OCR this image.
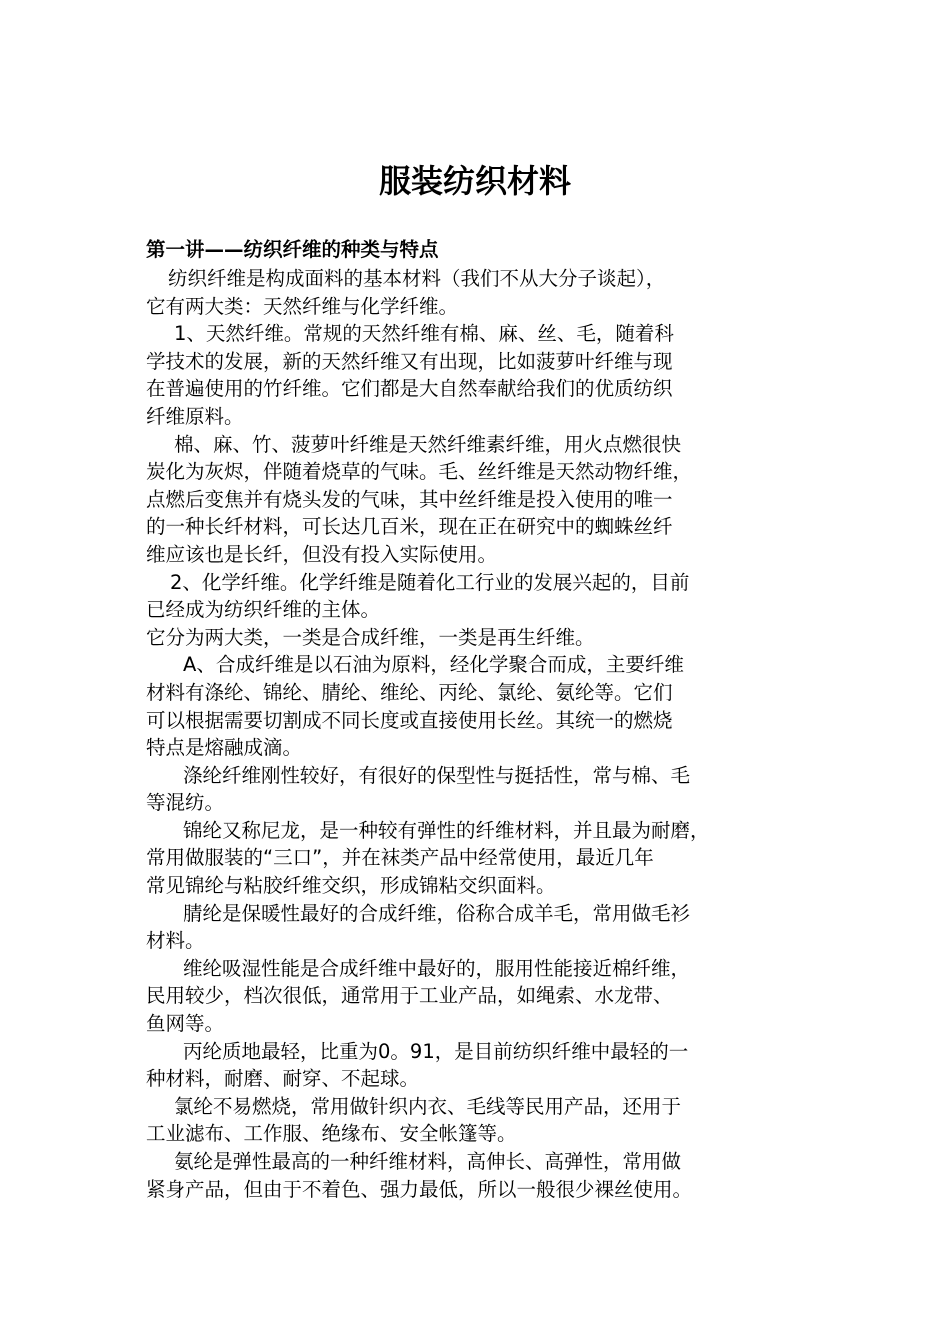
服装纺织材料
第一讲——纺织纤维的种类与特点
纺织纤维是构成面料的基本材料（我们不从大分子谈起），
它有两大类：天然纤维与化学纤维。
1、天然纤维。常规的天然纤维有棉、麻、丝、毛，随着科
学技术的发展，新的天然纤维又有出现，比如菠萝叶纤维与现
在普遍使用的竹纤维。它们都是大自然奉献给我们的优质纺织
纤维原料。
棉、麻、竹、菠萝叶纤维是天然纤维素纤维，用火点燃很快
炭化为灰烬，伴随着烧草的气味。毛、丝纤维是天然动物纤维，
点燃后变焦并有烧头发的气味，其中丝纤维是投入使用的唯一
的一种长纤材料，可长达几百米，现在正在研究中的蜘蛛丝纤
维应该也是长纤，但没有投入实际使用。
2、化学纤维。化学纤维是随着化工行业的发展兴起的，目前
已经成为纺织纤维的主体。
它分为两大类，一类是合成纤维，一类是再生纤维。
A、合成纤维是以石油为原料，经化学聚合而成，主要纤维
材料有涤纶、锦纶、腈纶、维纶、丙纶、氯纶、氨纶等。它们
可以根据需要切割成不同长度或直接使用长丝。其统一的燃烧
特点是熔融成滴。
涤纶纤维刚性较好，有很好的保型性与挺括性，常与棉、毛
等混纺。
锦纶又称尼龙，是一种较有弹性的纤维材料，并且最为耐磨，
常用做服装的“三口”，并在袜类产品中经常使用，最近几年
常见锦纶与粘胶纤维交织，形成锦粘交织面料。
腈纶是保暖性最好的合成纤维，俗称合成羊毛，常用做毛衫
材料。
维纶吸湿性能是合成纤维中最好的，服用性能接近棉纤维，
民用较少，档次很低，通常用于工业产品，如绳索、水龙带、
鱼网等。
丙纶质地最轻，比重为0。91，是目前纺织纤维中最轻的一
种材料，耐磨、耐穿、不起球。
氯纶不易燃烧，常用做针织内衣、毛线等民用产品，还用于
工业滤布、工作服、绝缘布、安全帐篷等。
氨纶是弹性最高的一种纤维材料，高伸长、高弹性，常用做
紧身产品，但由于不着色、强力最低，所以一般很少裸丝使用。
